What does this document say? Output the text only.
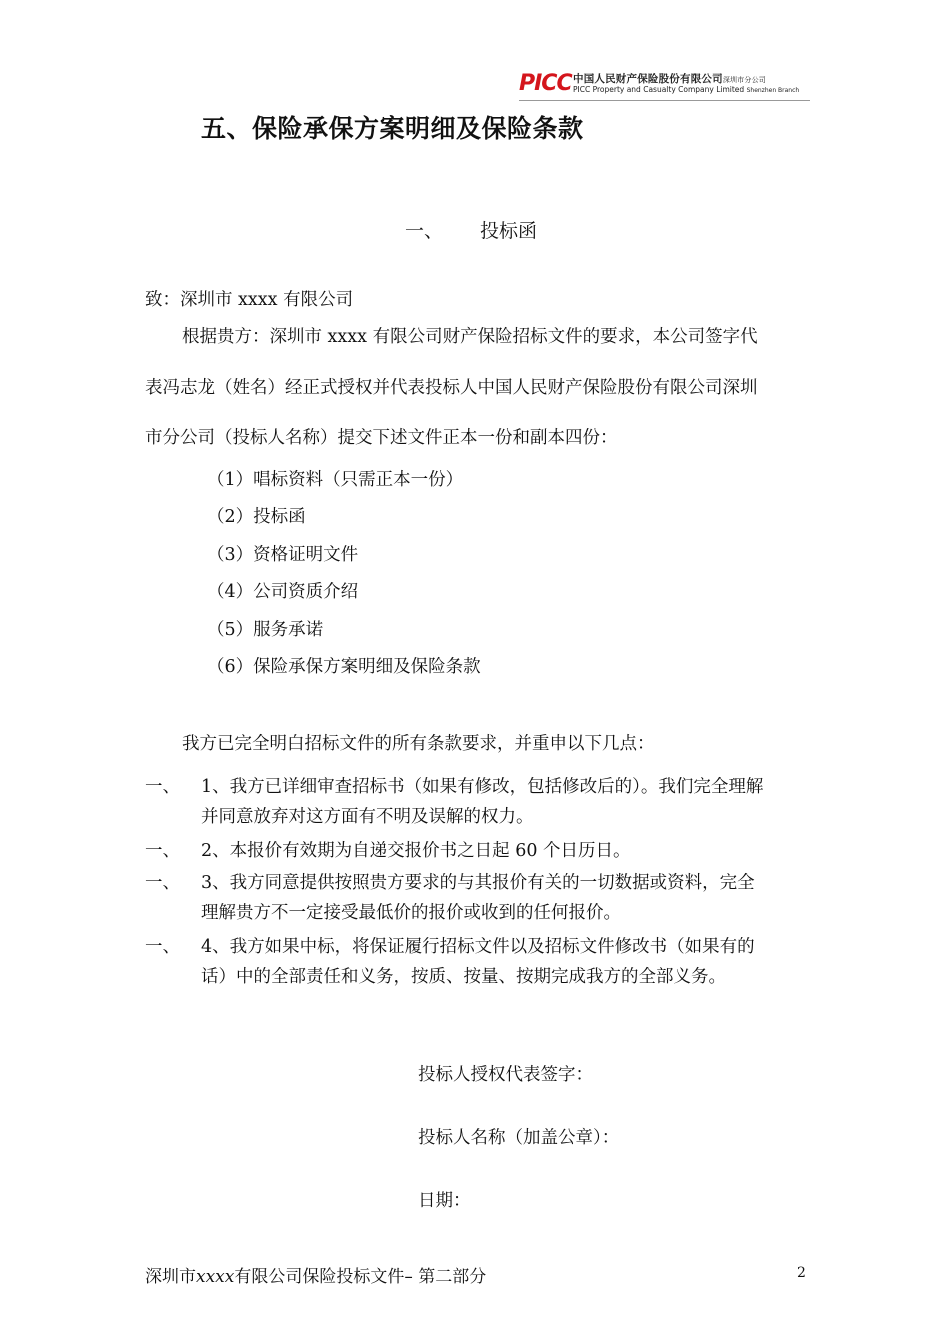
PICC 中国人民财产保险股份有限公司深圳市分公司
PICC Property and Casualty Company Limited Shenzhen Branch
五、保险承保方案明细及保险条款
一、 投标函
致：深圳市 xxxx 有限公司
根据贵方：深圳市 xxxx 有限公司财产保险招标文件的要求，本公司签字代
表冯志龙（姓名）经正式授权并代表投标人中国人民财产保险股份有限公司深圳
市分公司（投标人名称）提交下述文件正本一份和副本四份：
（1）唱标资料（只需正本一份）
（2）投标函
（3）资格证明文件
（4）公司资质介绍
（5）服务承诺
（6）保险承保方案明细及保险条款
我方已完全明白招标文件的所有条款要求，并重申以下几点：
一、 1、我方已详细审查招标书（如果有修改，包括修改后的）。我们完全理解
并同意放弃对这方面有不明及误解的权力。
一、 2、本报价有效期为自递交报价书之日起 60 个日历日。
一、 3、我方同意提供按照贵方要求的与其报价有关的一切数据或资料，完全
理解贵方不一定接受最低价的报价或收到的任何报价。
一、 4、我方如果中标，将保证履行招标文件以及招标文件修改书（如果有的
话）中的全部责任和义务，按质、按量、按期完成我方的全部义务。
投标人授权代表签字：
投标人名称（加盖公章）：
日期：
深圳市xxxx有限公司保险投标文件– 第二部分	2
